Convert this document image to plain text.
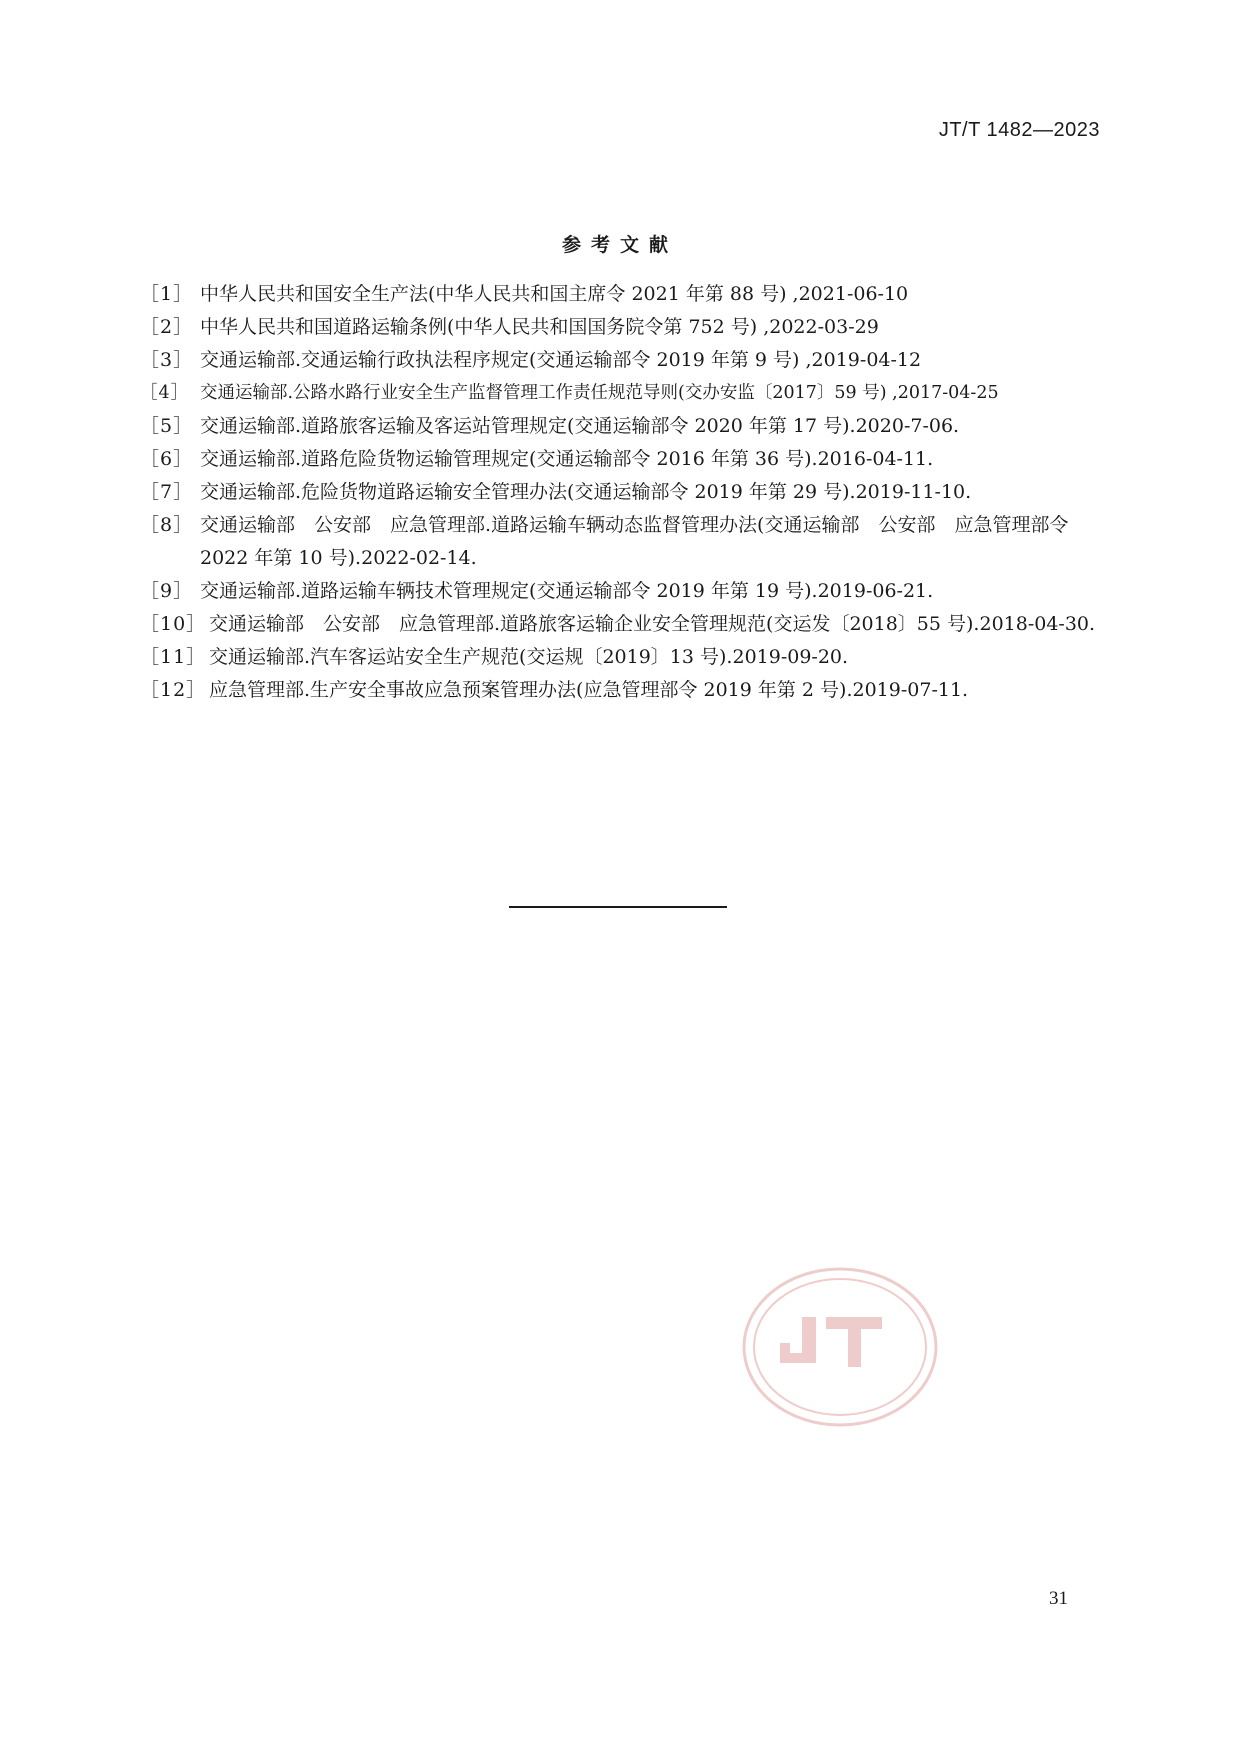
JT/T 1482—2023
参考文献
［1］ 中华人民共和国安全生产法(中华人民共和国主席令 2021 年第 88 号) ,2021-06-10
［2］ 中华人民共和国道路运输条例(中华人民共和国国务院令第 752 号) ,2022-03-29
［3］ 交通运输部.交通运输行政执法程序规定(交通运输部令 2019 年第 9 号) ,2019-04-12
［4］ 交通运输部.公路水路行业安全生产监督管理工作责任规范导则(交办安监〔2017〕59 号) ,2017-04-25
［5］ 交通运输部.道路旅客运输及客运站管理规定(交通运输部令 2020 年第 17 号).2020-7-06.
［6］ 交通运输部.道路危险货物运输管理规定(交通运输部令 2016 年第 36 号).2016-04-11.
［7］ 交通运输部.危险货物道路运输安全管理办法(交通运输部令 2019 年第 29 号).2019-11-10.
［8］ 交通运输部　公安部　应急管理部.道路运输车辆动态监督管理办法(交通运输部　公安部　应急管理部令 2022 年第 10 号).2022-02-14.
［9］ 交通运输部.道路运输车辆技术管理规定(交通运输部令 2019 年第 19 号).2019-06-21.
［10］ 交通运输部　公安部　应急管理部.道路旅客运输企业安全管理规范(交运发〔2018〕55 号).2018-04-30.
［11］ 交通运输部.汽车客运站安全生产规范(交运规〔2019〕13 号).2019-09-20.
［12］ 应急管理部.生产安全事故应急预案管理办法(应急管理部令 2019 年第 2 号).2019-07-11.
31
